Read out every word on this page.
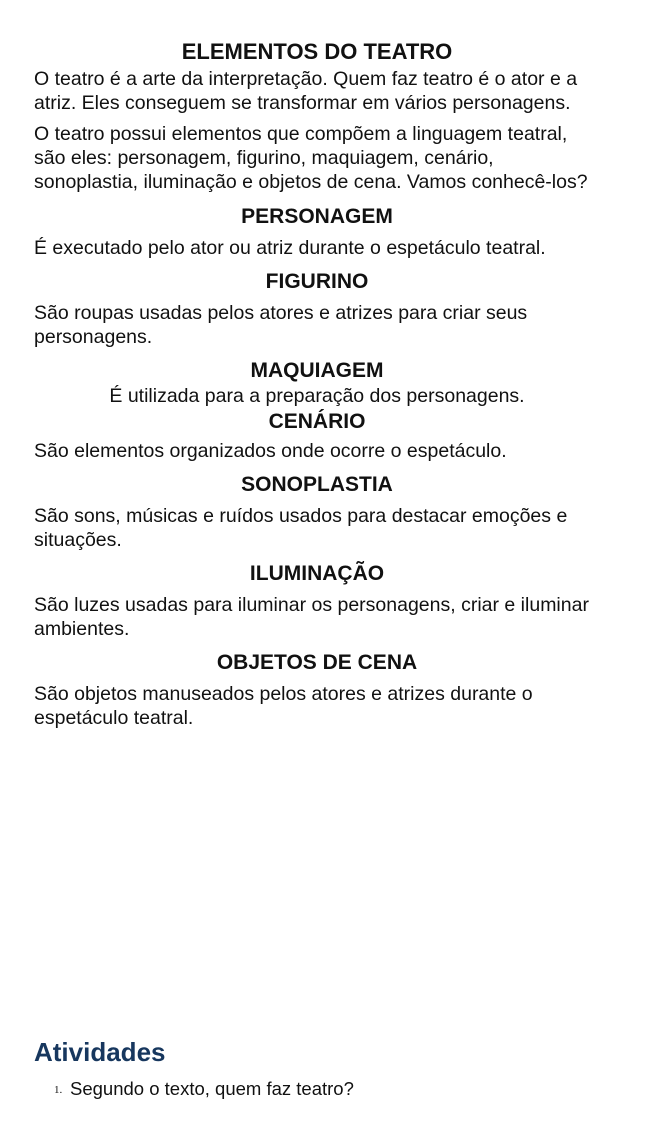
ELEMENTOS DO TEATRO

O teatro é a arte da interpretação. Quem faz teatro é o ator e a atriz. Eles conseguem se transformar em vários personagens.

O teatro possui elementos que compõem a linguagem teatral, são eles: personagem, figurino, maquiagem, cenário, sonoplastia, iluminação e objetos de cena. Vamos conhecê-los?

PERSONAGEM

É executado pelo ator ou atriz durante o espetáculo teatral.

FIGURINO

São roupas usadas pelos atores e atrizes para criar seus personagens.

MAQUIAGEM

É utilizada para a preparação dos personagens.

CENÁRIO

São elementos organizados onde ocorre o espetáculo.

SONOPLASTIA

São sons, músicas e ruídos usados para destacar emoções e situações.

ILUMINAÇÃO

São luzes usadas para iluminar os personagens, criar e iluminar ambientes.

OBJETOS DE CENA

São objetos manuseados pelos atores e atrizes durante o espetáculo teatral.

Atividades
1. Segundo o texto, quem faz teatro?
